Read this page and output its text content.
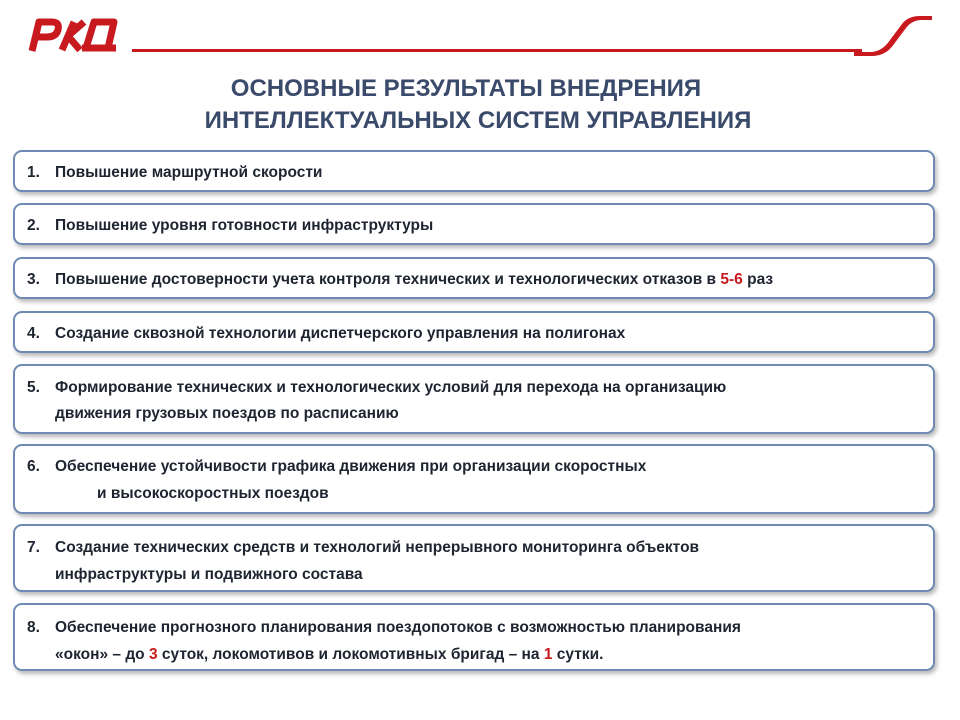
ОСНОВНЫЕ РЕЗУЛЬТАТЫ ВНЕДРЕНИЯ
ИНТЕЛЛЕКТУАЛЬНЫХ СИСТЕМ УПРАВЛЕНИЯ
1. Повышение маршрутной скорости
2. Повышение уровня готовности инфраструктуры
3. Повышение достоверности учета контроля технических и технологических отказов в 5-6 раз
4. Создание сквозной технологии диспетчерского управления на полигонах
5. Формирование технических и технологических условий для перехода на организацию
движения грузовых поездов по расписанию
6. Обеспечение устойчивости графика движения при организации скоростных
и высокоскоростных поездов
7. Создание технических средств и технологий непрерывного мониторинга объектов
инфраструктуры и подвижного состава
8. Обеспечение прогнозного планирования поездопотоков с возможностью планирования
«окон» – до 3 суток, локомотивов и локомотивных бригад – на 1 сутки.
